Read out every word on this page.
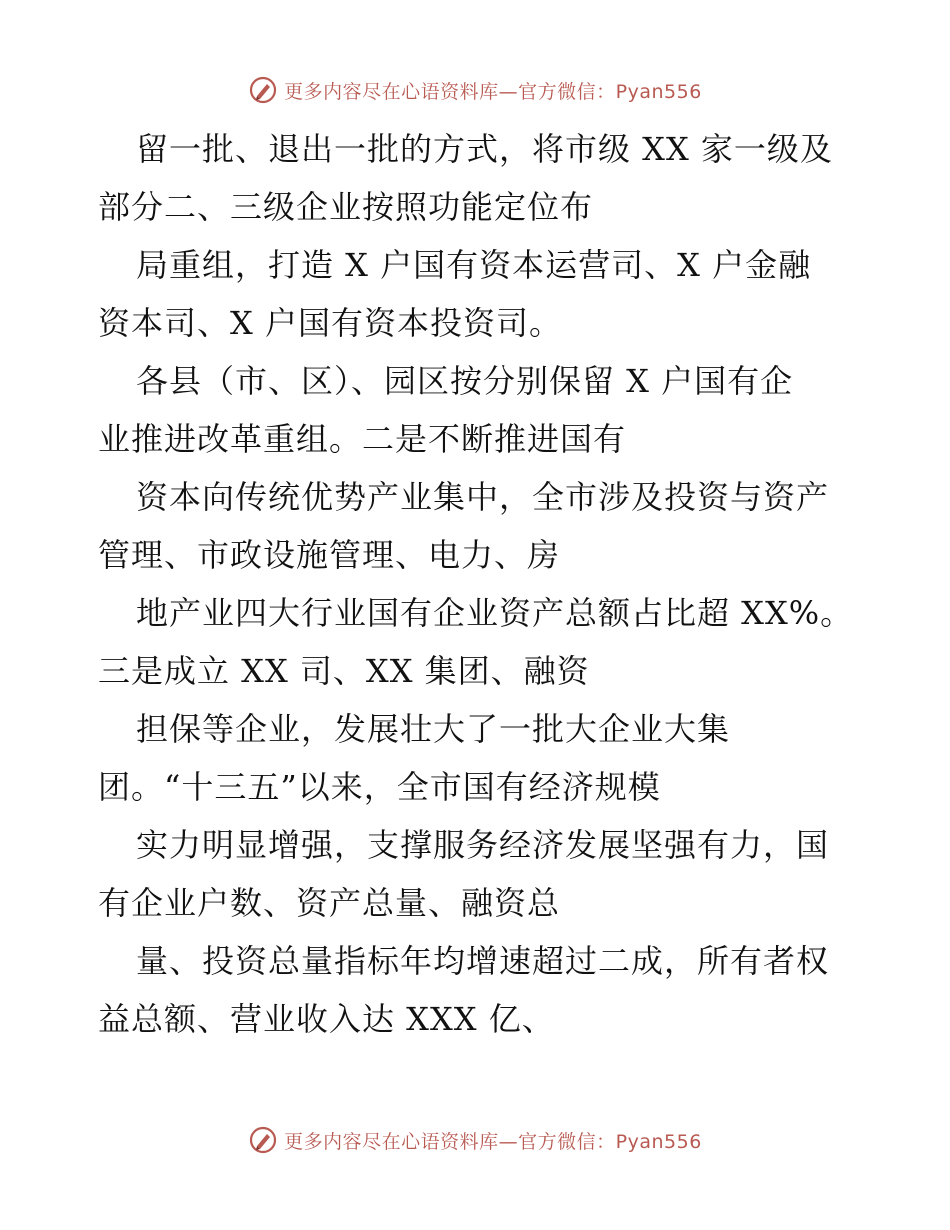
更多内容尽在心语资料库—官方微信：Pyan556

留一批、退出一批的方式，将市级 XX 家一级及
部分二、三级企业按照功能定位布

局重组，打造 X 户国有资本运营司、X 户金融
资本司、X 户国有资本投资司。

各县（市、区）、园区按分别保留 X 户国有企
业推进改革重组。二是不断推进国有

资本向传统优势产业集中，全市涉及投资与资产
管理、市政设施管理、电力、房

地产业四大行业国有企业资产总额占比超 XX%。
三是成立 XX 司、XX 集团、融资

担保等企业，发展壮大了一批大企业大集
团。“十三五”以来，全市国有经济规模

实力明显增强，支撑服务经济发展坚强有力，国
有企业户数、资产总量、融资总

量、投资总量指标年均增速超过二成，所有者权
益总额、营业收入达 XXX 亿、

更多内容尽在心语资料库—官方微信：Pyan556
